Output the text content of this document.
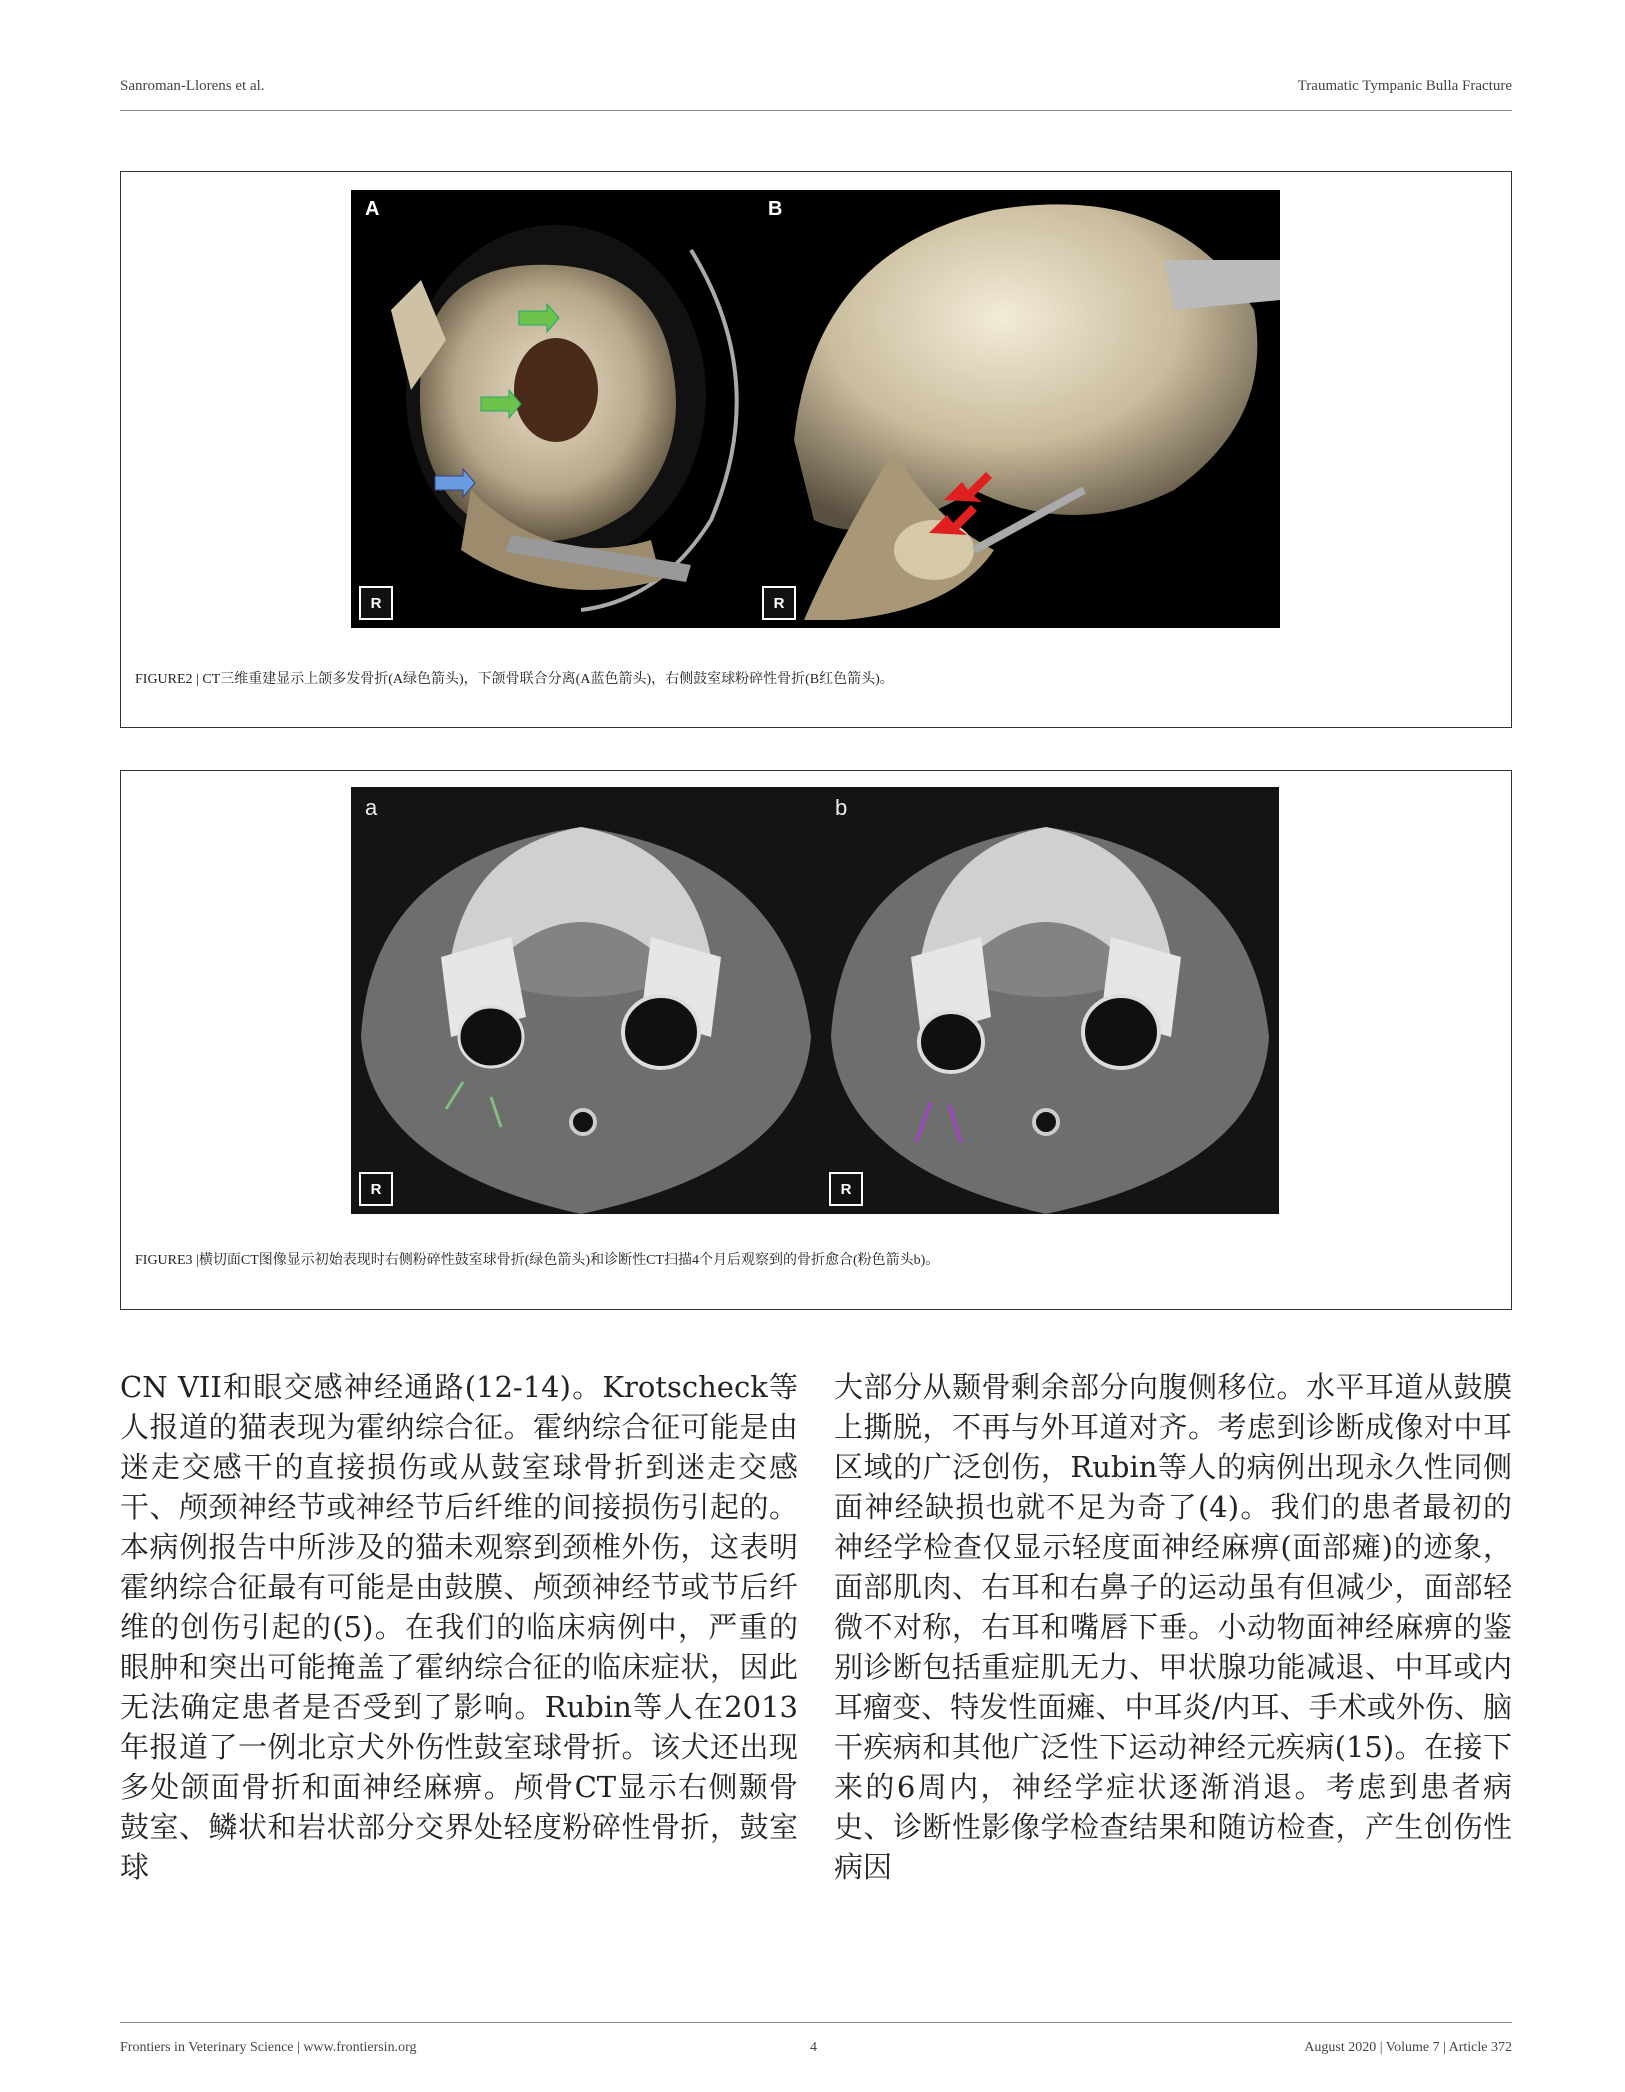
Sanroman-Llorens et al.	Traumatic Tympanic Bulla Fracture
A
R
B
R
FIGURE2 | CT三维重建显示上颌多发骨折(A绿色箭头)，下颌骨联合分离(A蓝色箭头)，右侧鼓室球粉碎性骨折(B红色箭头)。
a
R
b
R
FIGURE3 |横切面CT图像显示初始表现时右侧粉碎性鼓室球骨折(绿色箭头)和诊断性CT扫描4个月后观察到的骨折愈合(粉色箭头b)。
CN VII和眼交感神经通路(12-14)。Krotscheck等人报道的猫表现为霍纳综合征。霍纳综合征可能是由迷走交感干的直接损伤或从鼓室球骨折到迷走交感干、颅颈神经节或神经节后纤维的间接损伤引起的。本病例报告中所涉及的猫未观察到颈椎外伤，这表明霍纳综合征最有可能是由鼓膜、颅颈神经节或节后纤维的创伤引起的(5)。在我们的临床病例中，严重的眼肿和突出可能掩盖了霍纳综合征的临床症状，因此无法确定患者是否受到了影响。Rubin等人在2013年报道了一例北京犬外伤性鼓室球骨折。该犬还出现多处颌面骨折和面神经麻痹。颅骨CT显示右侧颞骨鼓室、鳞状和岩状部分交界处轻度粉碎性骨折，鼓室球
大部分从颞骨剩余部分向腹侧移位。水平耳道从鼓膜上撕脱，不再与外耳道对齐。考虑到诊断成像对中耳区域的广泛创伤，Rubin等人的病例出现永久性同侧面神经缺损也就不足为奇了(4)。我们的患者最初的神经学检查仅显示轻度面神经麻痹(面部瘫)的迹象，面部肌肉、右耳和右鼻子的运动虽有但减少，面部轻微不对称，右耳和嘴唇下垂。小动物面神经麻痹的鉴别诊断包括重症肌无力、甲状腺功能减退、中耳或内耳瘤变、特发性面瘫、中耳炎/内耳、手术或外伤、脑干疾病和其他广泛性下运动神经元疾病(15)。在接下来的6周内，神经学症状逐渐消退。考虑到患者病史、诊断性影像学检查结果和随访检查，产生创伤性病因
Frontiers in Veterinary Science | www.frontiersin.org	4	August 2020 | Volume 7 | Article 372
